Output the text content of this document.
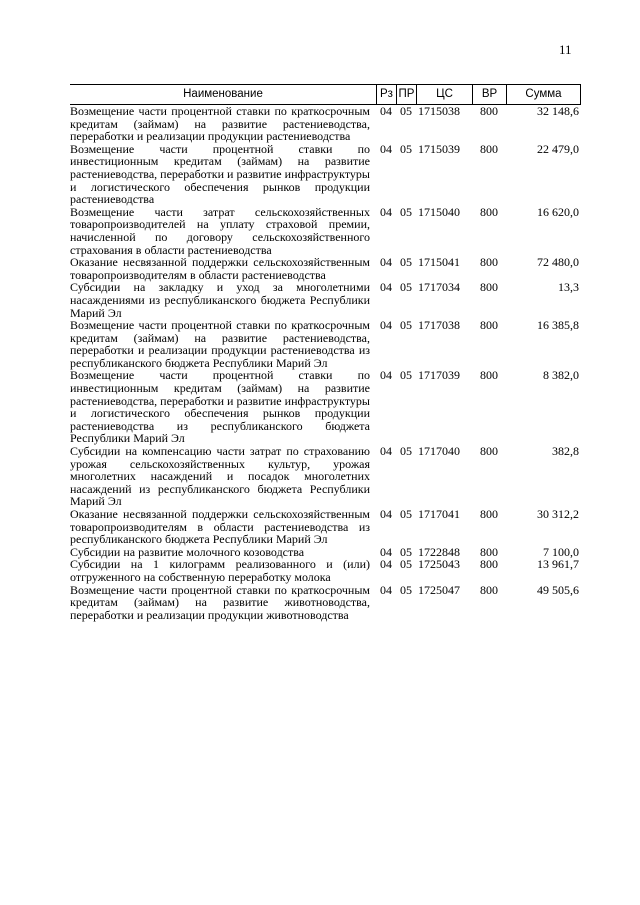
11
Наименование	Рз ПР	ЦС	ВР	Сумма
Возмещение части процентной ставки по краткосрочным кредитам (займам) на развитие растениеводства, переработки и реализации продукции растениеводства
04 05 1715038	800	32 148,6
Возмещение части процентной ставки по инвестиционным кредитам (займам) на развитие растениеводства, переработки и развитие инфраструктуры и логистического обеспечения рынков продукции растениеводства
04 05 1715039	800	22 479,0
Возмещение части затрат сельскохозяйственных товаропроизводителей на уплату страховой премии, начисленной по договору сельскохозяйственного страхования в области растениеводства
04 05 1715040	800	16 620,0
Оказание несвязанной поддержки сельскохозяйственным товаропроизводителям в области растениеводства
04 05 1715041	800	72 480,0
Субсидии на закладку и уход за многолетними насаждениями из республиканского бюджета Республики Марий Эл
04 05 1717034	800	13,3
Возмещение части процентной ставки по краткосрочным кредитам (займам) на развитие растениеводства, переработки и реализации продукции растениеводства из республиканского бюджета Республики Марий Эл
04 05 1717038	800	16 385,8
Возмещение части процентной ставки по инвестиционным кредитам (займам) на развитие растениеводства, переработки и развитие инфраструктуры и логистического обеспечения рынков продукции растениеводства из республиканского бюджета Республики Марий Эл
04 05 1717039	800	8 382,0
Субсидии на компенсацию части затрат по страхованию урожая сельскохозяйственных культур, урожая многолетних насаждений и посадок многолетних насаждений из республиканского бюджета Республики Марий Эл
04 05 1717040	800	382,8
Оказание несвязанной поддержки сельскохозяйственным товаропроизводителям в области растениеводства из республиканского бюджета Республики Марий Эл
04 05 1717041	800	30 312,2
Субсидии на развитие молочного козоводства	04 05 1722848	800	7 100,0
Субсидии на 1 килограмм реализованного и (или) отгруженного на собственную переработку молока
04 05 1725043	800	13 961,7
Возмещение части процентной ставки по краткосрочным кредитам (займам) на развитие животноводства, переработки и реализации продукции животноводства
04 05 1725047	800	49 505,6
